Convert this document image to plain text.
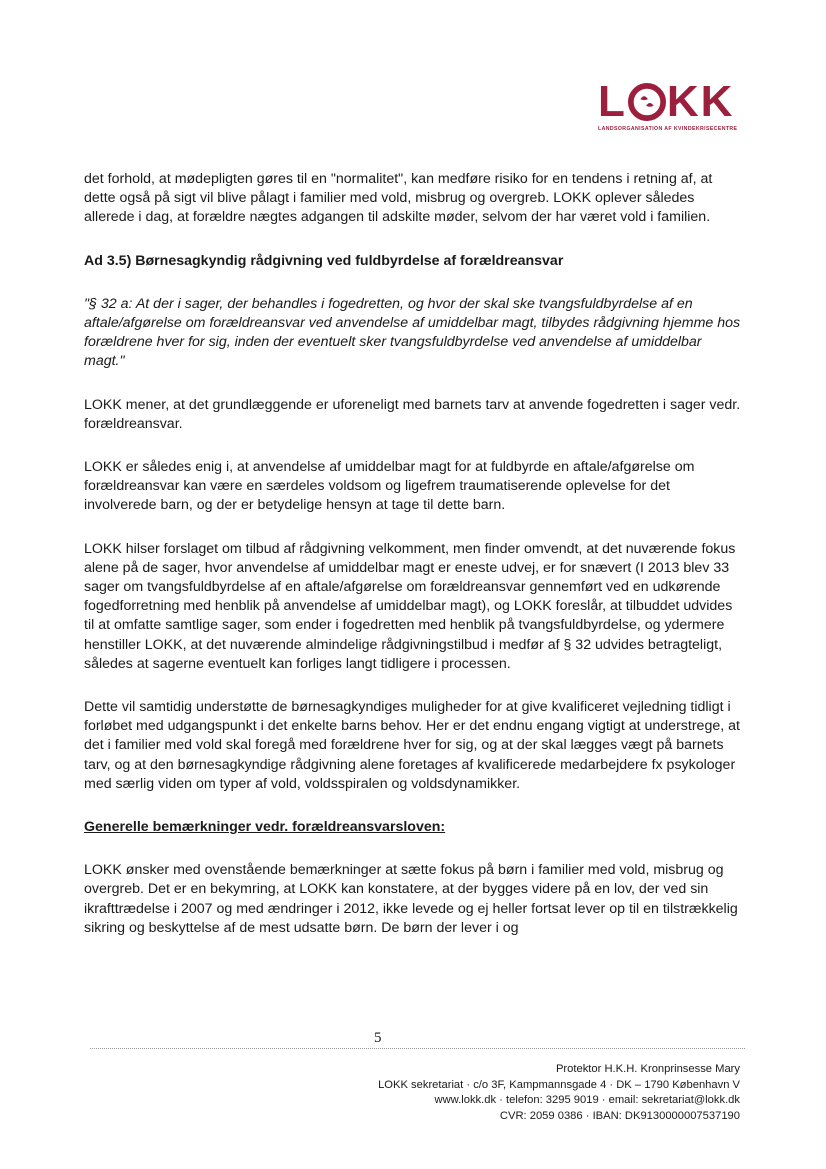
L KK
LANDSORGANISATION AF KVINDEKRISECENTRE

det forhold, at mødepligten gøres til en "normalitet", kan medføre risiko for en tendens i retning af, at dette også på sigt vil blive pålagt i familier med vold, misbrug og overgreb. LOKK oplever således allerede i dag, at forældre nægtes adgangen til adskilte møder, selvom der har været vold i familien.

Ad 3.5) Børnesagkyndig rådgivning ved fuldbyrdelse af forældreansvar

"§ 32 a: At der i sager, der behandles i fogedretten, og hvor der skal ske tvangsfuldbyrdelse af en aftale/afgørelse om forældreansvar ved anvendelse af umiddelbar magt, tilbydes rådgivning hjemme hos forældrene hver for sig, inden der eventuelt sker tvangsfuldbyrdelse ved anvendelse af umiddelbar magt."

LOKK mener, at det grundlæggende er uforeneligt med barnets tarv at anvende fogedretten i sager vedr. forældreansvar.

LOKK er således enig i, at anvendelse af umiddelbar magt for at fuldbyrde en aftale/afgørelse om forældreansvar kan være en særdeles voldsom og ligefrem traumatiserende oplevelse for det involverede barn, og der er betydelige hensyn at tage til dette barn.

LOKK hilser forslaget om tilbud af rådgivning velkomment, men finder omvendt, at det nuværende fokus alene på de sager, hvor anvendelse af umiddelbar magt er eneste udvej, er for snævert (I 2013 blev 33 sager om tvangsfuldbyrdelse af en aftale/afgørelse om forældreansvar gennemført ved en udkørende fogedforretning med henblik på anvendelse af umiddelbar magt), og LOKK foreslår, at tilbuddet udvides til at omfatte samtlige sager, som ender i fogedretten med henblik på tvangsfuldbyrdelse, og ydermere henstiller LOKK, at det nuværende almindelige rådgivningstilbud i medfør af § 32 udvides betragteligt, således at sagerne eventuelt kan forliges langt tidligere i processen.

Dette vil samtidig understøtte de børnesagkyndiges muligheder for at give kvalificeret vejledning tidligt i forløbet med udgangspunkt i det enkelte barns behov. Her er det endnu engang vigtigt at understrege, at det i familier med vold skal foregå med forældrene hver for sig, og at der skal lægges vægt på barnets tarv, og at den børnesagkyndige rådgivning alene foretages af kvalificerede medarbejdere fx psykologer med særlig viden om typer af vold, voldsspiralen og voldsdynamikker.

Generelle bemærkninger vedr. forældreansvarsloven:

LOKK ønsker med ovenstående bemærkninger at sætte fokus på børn i familier med vold, misbrug og overgreb. Det er en bekymring, at LOKK kan konstatere, at der bygges videre på en lov, der ved sin ikrafttrædelse i 2007 og med ændringer i 2012, ikke levede og ej heller fortsat lever op til en tilstrækkelig sikring og beskyttelse af de mest udsatte børn. De børn der lever i og

5
Protektor H.K.H. Kronprinsesse Mary
LOKK sekretariat · c/o 3F, Kampmannsgade 4 · DK – 1790 København V
www.lokk.dk · telefon: 3295 9019 · email: sekretariat@lokk.dk
CVR: 2059 0386 · IBAN: DK9130000007537190
